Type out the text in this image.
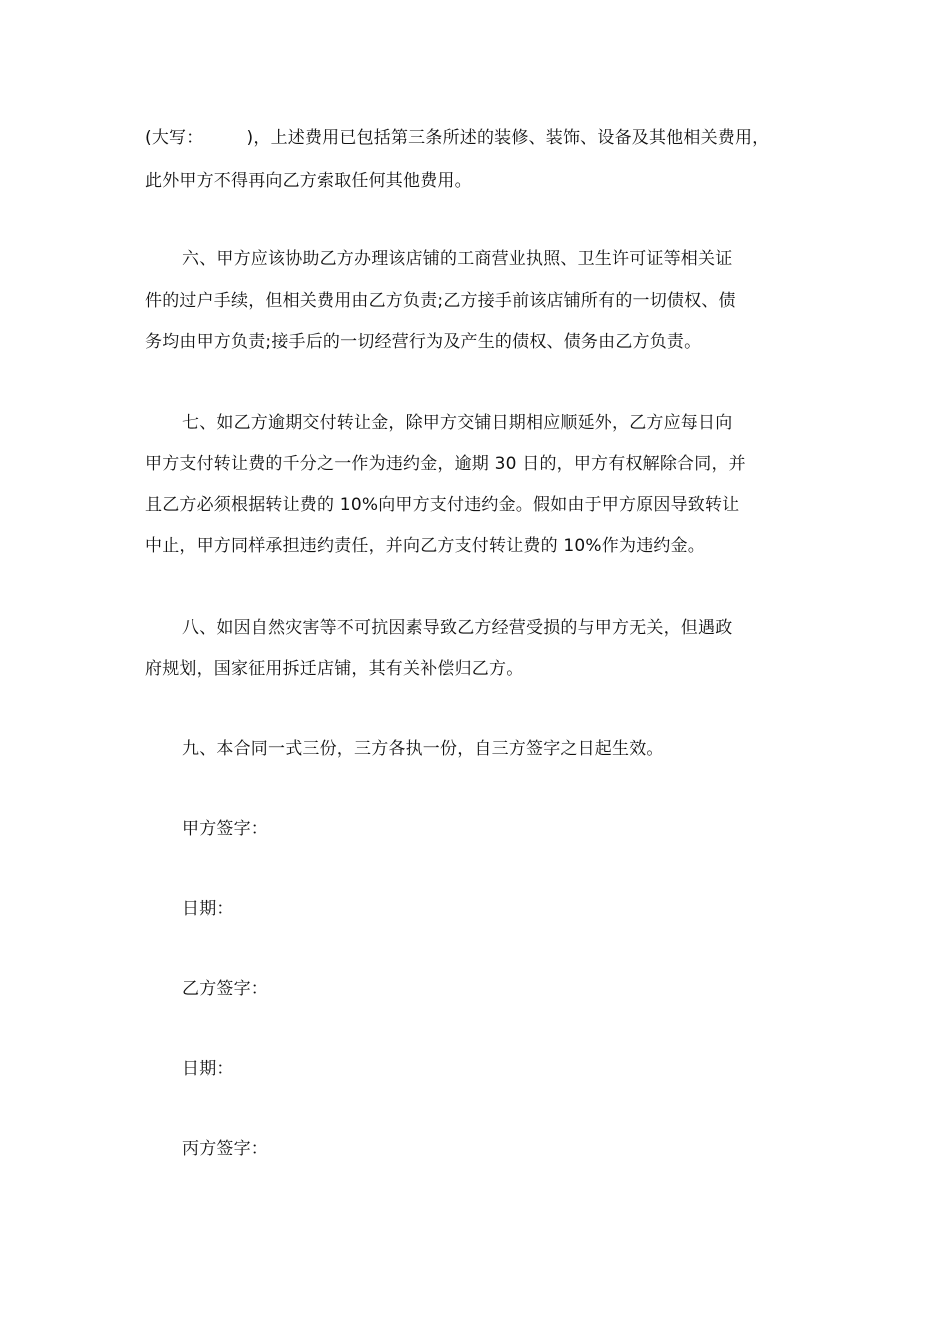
(大写：　　　)，上述费用已包括第三条所述的装修、装饰、设备及其他相关费用，
此外甲方不得再向乙方索取任何其他费用。
六、甲方应该协助乙方办理该店铺的工商营业执照、卫生许可证等相关证
件的过户手续，但相关费用由乙方负责;乙方接手前该店铺所有的一切债权、债
务均由甲方负责;接手后的一切经营行为及产生的债权、债务由乙方负责。
七、如乙方逾期交付转让金，除甲方交铺日期相应顺延外，乙方应每日向
甲方支付转让费的千分之一作为违约金，逾期 30 日的，甲方有权解除合同，并
且乙方必须根据转让费的 10%向甲方支付违约金。假如由于甲方原因导致转让
中止，甲方同样承担违约责任，并向乙方支付转让费的 10%作为违约金。
八、如因自然灾害等不可抗因素导致乙方经营受损的与甲方无关，但遇政
府规划，国家征用拆迁店铺，其有关补偿归乙方。
九、本合同一式三份，三方各执一份，自三方签字之日起生效。
甲方签字：
日期：
乙方签字：
日期：
丙方签字：
